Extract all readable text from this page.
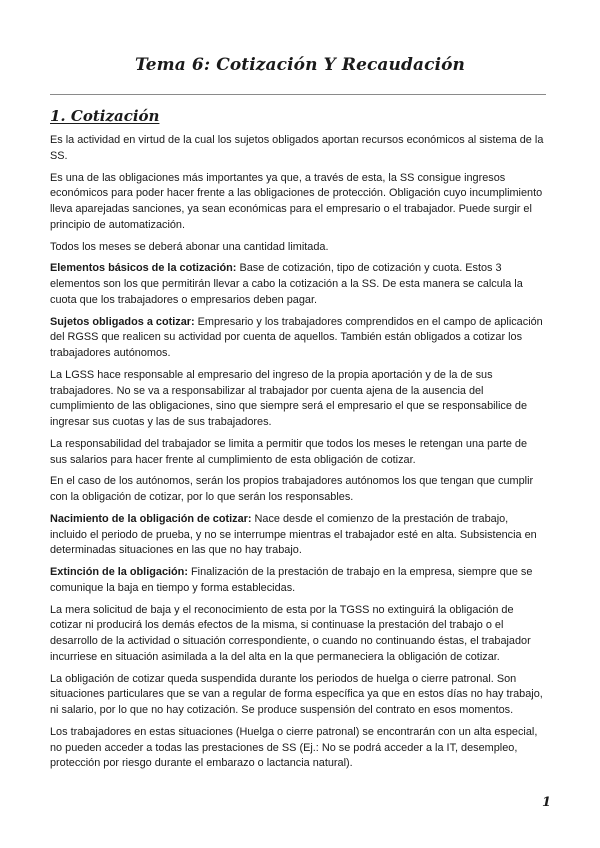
Tema 6: Cotización Y Recaudación
1. Cotización

Es la actividad en virtud de la cual los sujetos obligados aportan recursos económicos al sistema de la SS.

Es una de las obligaciones más importantes ya que, a través de esta, la SS consigue ingresos económicos para poder hacer frente a las obligaciones de protección. Obligación cuyo incumplimiento lleva aparejadas sanciones, ya sean económicas para el empresario o el trabajador. Puede surgir el principio de automatización.

Todos los meses se deberá abonar una cantidad limitada.

Elementos básicos de la cotización: Base de cotización, tipo de cotización y cuota. Estos 3 elementos son los que permitirán llevar a cabo la cotización a la SS. De esta manera se calcula la cuota que los trabajadores o empresarios deben pagar.

Sujetos obligados a cotizar: Empresario y los trabajadores comprendidos en el campo de aplicación del RGSS que realicen su actividad por cuenta de aquellos. También están obligados a cotizar los trabajadores autónomos.

La LGSS hace responsable al empresario del ingreso de la propia aportación y de la de sus trabajadores. No se va a responsabilizar al trabajador por cuenta ajena de la ausencia del cumplimiento de las obligaciones, sino que siempre será el empresario el que se responsabilice de ingresar sus cuotas y las de sus trabajadores.

La responsabilidad del trabajador se limita a permitir que todos los meses le retengan una parte de sus salarios para hacer frente al cumplimiento de esta obligación de cotizar.

En el caso de los autónomos, serán los propios trabajadores autónomos los que tengan que cumplir con la obligación de cotizar, por lo que serán los responsables.

Nacimiento de la obligación de cotizar: Nace desde el comienzo de la prestación de trabajo, incluido el periodo de prueba, y no se interrumpe mientras el trabajador esté en alta. Subsistencia en determinadas situaciones en las que no hay trabajo.

Extinción de la obligación: Finalización de la prestación de trabajo en la empresa, siempre que se comunique la baja en tiempo y forma establecidas.

La mera solicitud de baja y el reconocimiento de esta por la TGSS no extinguirá la obligación de cotizar ni producirá los demás efectos de la misma, si continuase la prestación del trabajo o el desarrollo de la actividad o situación correspondiente, o cuando no continuando éstas, el trabajador incurriese en situación asimilada a la del alta en la que permaneciera la obligación de cotizar.

La obligación de cotizar queda suspendida durante los periodos de huelga o cierre patronal. Son situaciones particulares que se van a regular de forma específica ya que en estos días no hay trabajo, ni salario, por lo que no hay cotización. Se produce suspensión del contrato en esos momentos.

Los trabajadores en estas situaciones (Huelga o cierre patronal) se encontrarán con un alta especial, no pueden acceder a todas las prestaciones de SS (Ej.: No se podrá acceder a la IT, desempleo, protección por riesgo durante el embarazo o lactancia natural).

1
